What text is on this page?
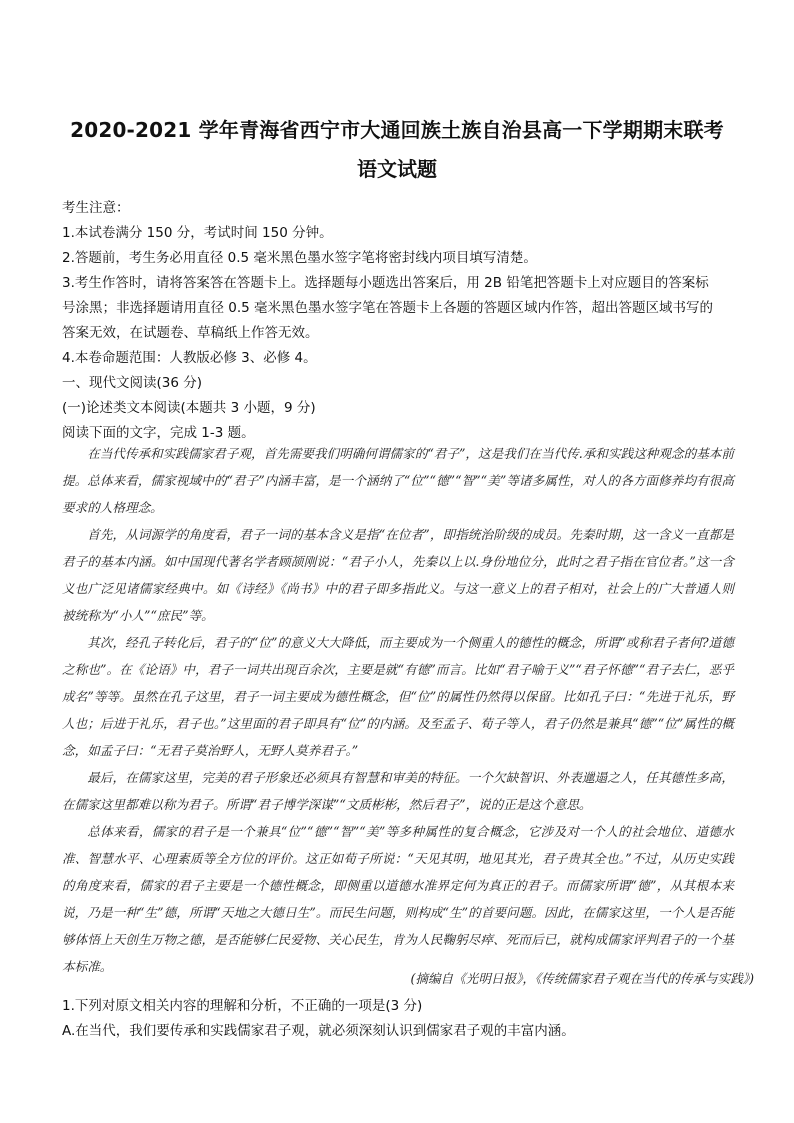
2020-2021 学年青海省西宁市大通回族土族自治县高一下学期期末联考
语文试题
考生注意：
1.本试卷满分 150 分，考试时间 150 分钟。
2.答题前，考生务必用直径 0.5 毫米黑色墨水签字笔将密封线内项目填写清楚。
3.考生作答时，请将答案答在答题卡上。选择题每小题选出答案后，用 2B 铅笔把答题卡上对应题目的答案标
号涂黑；非选择题请用直径 0.5 毫米黑色墨水签字笔在答题卡上各题的答题区域内作答，超出答题区域书写的
答案无效，在试题卷、草稿纸上作答无效。
4.本卷命题范围：人教版必修 3、必修 4。
一、现代文阅读(36 分)
(一)论述类文本阅读(本题共 3 小题，9 分)
阅读下面的文字，完成 1-3 题。

在当代传承和实践儒家君子观，首先需要我们明确何谓儒家的“君子”，这是我们在当代传.承和实践这种观念的基本前提。总体来看，儒家视域中的“君子”内涵丰富，是一个涵纳了“位”“德”“智”“美”等诸多属性，对人的各方面修养均有很高要求的人格理念。

首先，从词源学的角度看，君子一词的基本含义是指“在位者”，即指统治阶级的成员。先秦时期，这一含义一直都是君子的基本内涵。如中国现代著名学者顾颉刚说：“君子小人，先秦以上以.身份地位分，此时之君子指在官位者。”这一含义也广泛见诸儒家经典中。如《诗经》《尚书》中的君子即多指此义。与这一意义上的君子相对，社会上的广大普通人则被统称为“小人”“庶民”等。

其次，经孔子转化后，君子的“位”的意义大大降低，而主要成为一个侧重人的德性的概念，所谓“或称君子者何?道德之称也”。在《论语》中，君子一词共出现百余次，主要是就“有德”而言。比如“君子喻于义”“君子怀德”“君子去仁，恶乎成名”等等。虽然在孔子这里，君子一词主要成为德性概念，但“位”的属性仍然得以保留。比如孔子曰：“先进于礼乐，野人也；后进于礼乐，君子也。”这里面的君子即具有“位”的内涵。及至孟子、荀子等人，君子仍然是兼具“德”“位”属性的概念，如孟子曰：“无君子莫治野人，无野人莫养君子。”

最后，在儒家这里，完美的君子形象还必须具有智慧和审美的特征。一个欠缺智识、外表邋遢之人，任其德性多高，在儒家这里都难以称为君子。所谓“君子博学深谋”“文质彬彬，然后君子”，说的正是这个意思。

总体来看，儒家的君子是一个兼具“位”“德”“智”“美”等多种属性的复合概念，它涉及对一个人的社会地位、道德水准、智慧水平、心理素质等全方位的评价。这正如荀子所说：“天见其明，地见其光，君子贵其全也。”不过，从历史实践的角度来看，儒家的君子主要是一个德性概念，即侧重以道德水准界定何为真正的君子。而儒家所谓“德”，从其根本来说，乃是一种“生”德，所谓“天地之大德日生”。而民生问题，则构成“生”的首要问题。因此，在儒家这里，一个人是否能够体悟上天创生万物之德，是否能够仁民爱物、关心民生，肯为人民鞠躬尽瘁、死而后已，就构成儒家评判君子的一个基本标准。

(摘编自《光明日报》，《传统儒家君子观在当代的传承与实践》)
1.下列对原文相关内容的理解和分析，不正确的一项是(3 分)
A.在当代，我们要传承和实践儒家君子观，就必须深刻认识到儒家君子观的丰富内涵。
